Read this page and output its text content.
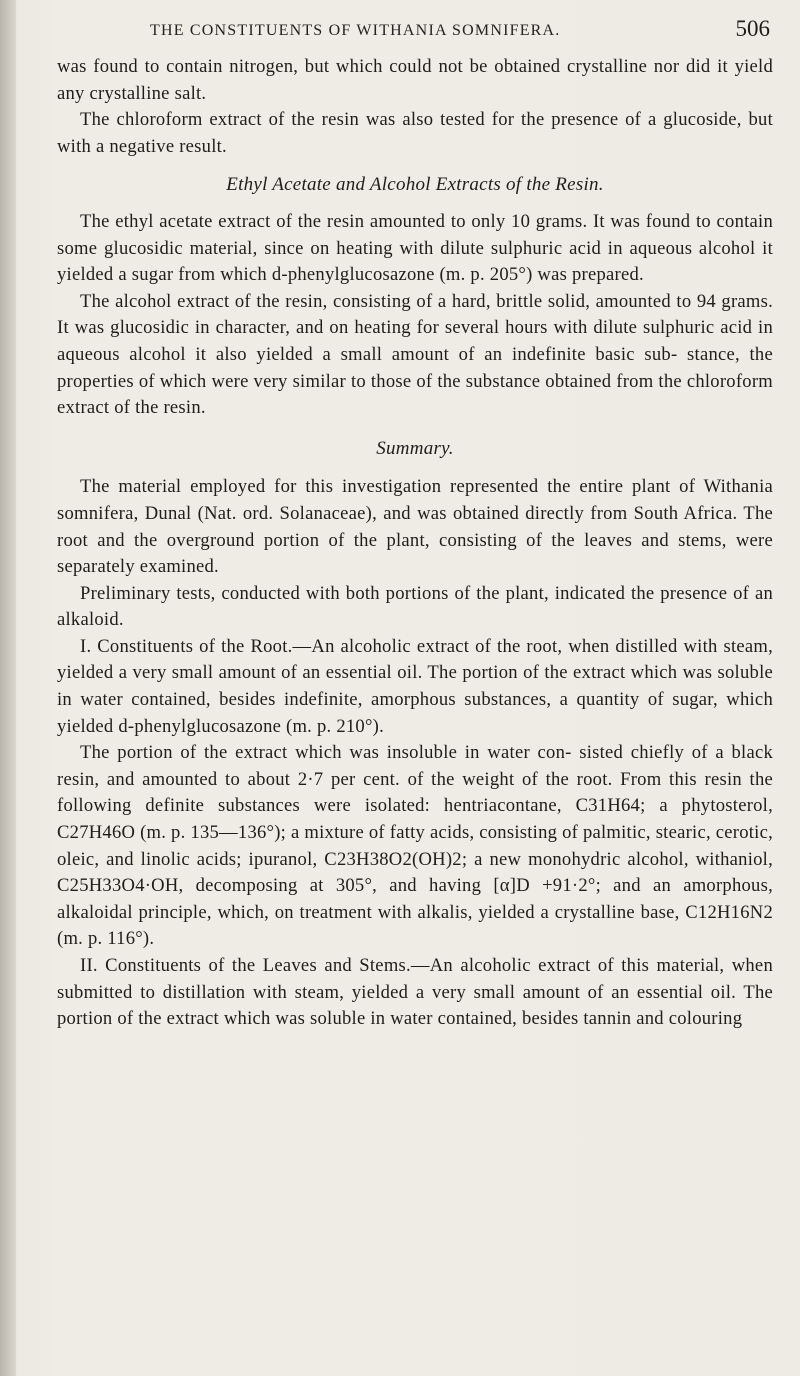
THE CONSTITUENTS OF WITHANIA SOMNIFERA.	506

was found to contain nitrogen, but which could not be obtained crystalline nor did it yield any crystalline salt.

The chloroform extract of the resin was also tested for the presence of a glucoside, but with a negative result.

Ethyl Acetate and Alcohol Extracts of the Resin.

The ethyl acetate extract of the resin amounted to only 10 grams. It was found to contain some glucosidic material, since on heating with dilute sulphuric acid in aqueous alcohol it yielded a sugar from which d-phenylglucosazone (m. p. 205°) was prepared.

The alcohol extract of the resin, consisting of a hard, brittle solid, amounted to 94 grams. It was glucosidic in character, and on heating for several hours with dilute sulphuric acid in aqueous alcohol it also yielded a small amount of an indefinite basic sub- stance, the properties of which were very similar to those of the substance obtained from the chloroform extract of the resin.

Summary.

The material employed for this investigation represented the entire plant of Withania somnifera, Dunal (Nat. ord. Solanaceae), and was obtained directly from South Africa. The root and the overground portion of the plant, consisting of the leaves and stems, were separately examined.

Preliminary tests, conducted with both portions of the plant, indicated the presence of an alkaloid.

I. Constituents of the Root.—An alcoholic extract of the root, when distilled with steam, yielded a very small amount of an essential oil. The portion of the extract which was soluble in water contained, besides indefinite, amorphous substances, a quantity of sugar, which yielded d-phenylglucosazone (m. p. 210°).

The portion of the extract which was insoluble in water con- sisted chiefly of a black resin, and amounted to about 2·7 per cent. of the weight of the root. From this resin the following definite substances were isolated: hentriacontane, C31H64; a phytosterol, C27H46O (m. p. 135—136°); a mixture of fatty acids, consisting of palmitic, stearic, cerotic, oleic, and linolic acids; ipuranol, C23H38O2(OH)2; a new monohydric alcohol, withaniol, C25H33O4·OH, decomposing at 305°, and having [α]D +91·2°; and an amorphous, alkaloidal principle, which, on treatment with alkalis, yielded a crystalline base, C12H16N2 (m. p. 116°).

II. Constituents of the Leaves and Stems.—An alcoholic extract of this material, when submitted to distillation with steam, yielded a very small amount of an essential oil. The portion of the extract which was soluble in water contained, besides tannin and colouring
